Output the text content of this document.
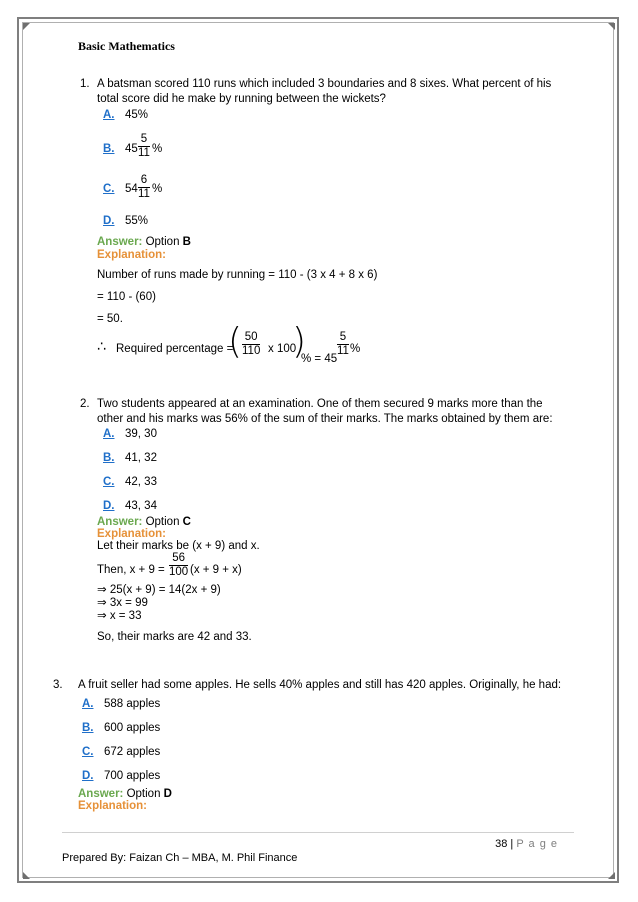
Basic Mathematics
1. A batsman scored 110 runs which included 3 boundaries and 8 sixes. What percent of his
total score did he make by running between the wickets?
A. 45%
B. $45 \frac{5}{11}$ %
C. $54 \frac{6}{11}$ %
D. 55%
Answer: Option B
Explanation:
Number of runs made by running = 110 - (3 x 4 + 8 x 6)
= 110 - (60)
= 50.
∴ Required percentage =
( $\frac{50}{110}$ x 100
)
% = 45
$\frac{5}{11}$ %
2. Two students appeared at an examination. One of them secured 9 marks more than the
other and his marks was 56% of the sum of their marks. The marks obtained by them are:
A. 39, 30
B. 41, 32
C. 42, 33
D. 43, 34
Answer: Option C
Explanation:
Let their marks be (x + 9) and x.
Then, $x + 9 = \frac{56}{100} (x + 9 + x)$
⇒ 25(x + 9) = 14(2x + 9)
⇒ 3x = 99
⇒ x = 33
So, their marks are 42 and 33.
3. A fruit seller had some apples. He sells 40% apples and still has 420 apples. Originally, he had:
A. 588 apples
B. 600 apples
C. 672 apples
D. 700 apples
Answer: Option D
Explanation:
38 | P a g e
Prepared By: Faizan Ch – MBA, M. Phil Finance
